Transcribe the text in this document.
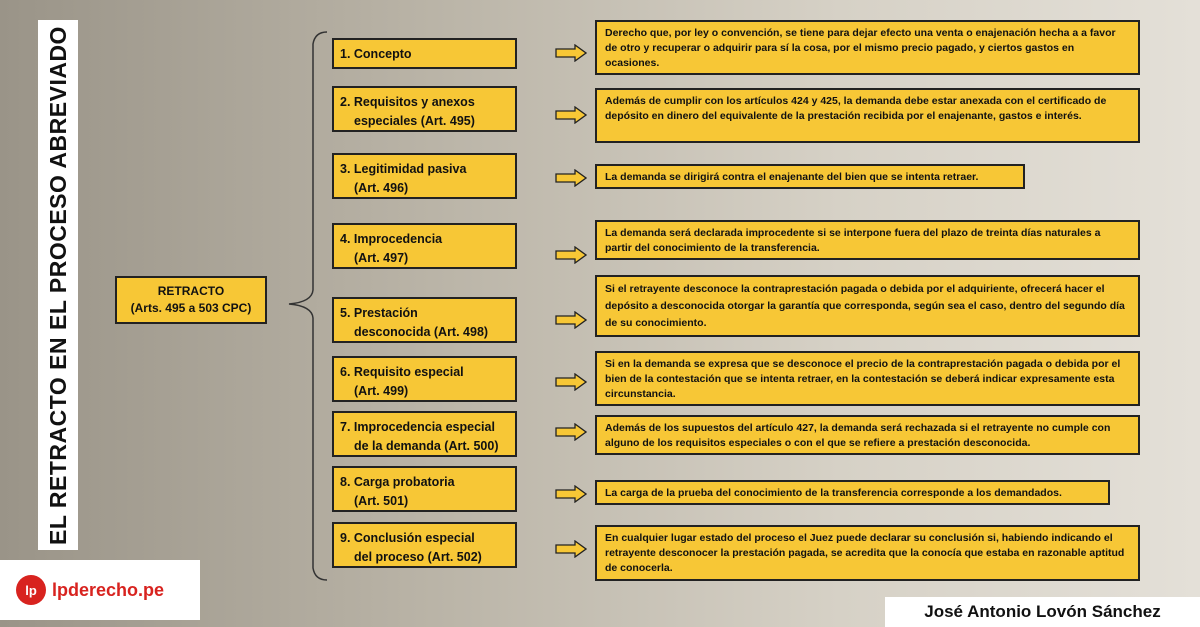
EL RETRACTO EN EL PROCESO ABREVIADO	RETRACTO
(Arts. 495 a 503 CPC)
1. Concepto
Derecho que, por ley o convención, se tiene para dejar efecto una venta o enajenación hecha a a favor de otro y recuperar o adquirir para sí la cosa, por el mismo precio pagado, y ciertos gastos en ocasiones.
2. Requisitos y anexos
especiales (Art. 495)
Además de cumplir con los artículos 424 y 425, la demanda debe estar anexada con el certificado de depósito en dinero del equivalente de la prestación recibida por el enajenante, gastos e interés.
3. Legitimidad pasiva
(Art. 496)
La demanda se dirigirá contra el enajenante del bien que se intenta retraer.
4. Improcedencia
(Art. 497)
La demanda será declarada improcedente si se interpone fuera del plazo de treinta días naturales a partir del conocimiento de la transferencia.
5. Prestación
desconocida (Art. 498)
Si el retrayente desconoce la contraprestación pagada o debida por el adquiriente, ofrecerá hacer el depósito a desconocida otorgar la garantía que corresponda, según sea el caso, dentro del segundo día de su conocimiento.
6. Requisito especial
(Art. 499)
Si en la demanda se expresa que se desconoce el precio de la contraprestación pagada o debida por el bien de la contestación que se intenta retraer, en la contestación se deberá indicar expresamente esta circunstancia.
7. Improcedencia especial
de la demanda (Art. 500)
Además de los supuestos del artículo 427, la demanda será rechazada si el retrayente no cumple con alguno de los requisitos especiales o con el que se refiere a prestación desconocida.
8. Carga probatoria
(Art. 501)
La carga de la prueba del conocimiento de la transferencia corresponde a los demandados.
9. Conclusión especial
del proceso (Art. 502)
En cualquier lugar estado del proceso el Juez puede declarar su conclusión si, habiendo indicando el retrayente desconocer la prestación pagada, se acredita que la conocía que estaba en razonable aptitud de conocerla.
lp lpderecho.pe
José Antonio Lovón Sánchez
